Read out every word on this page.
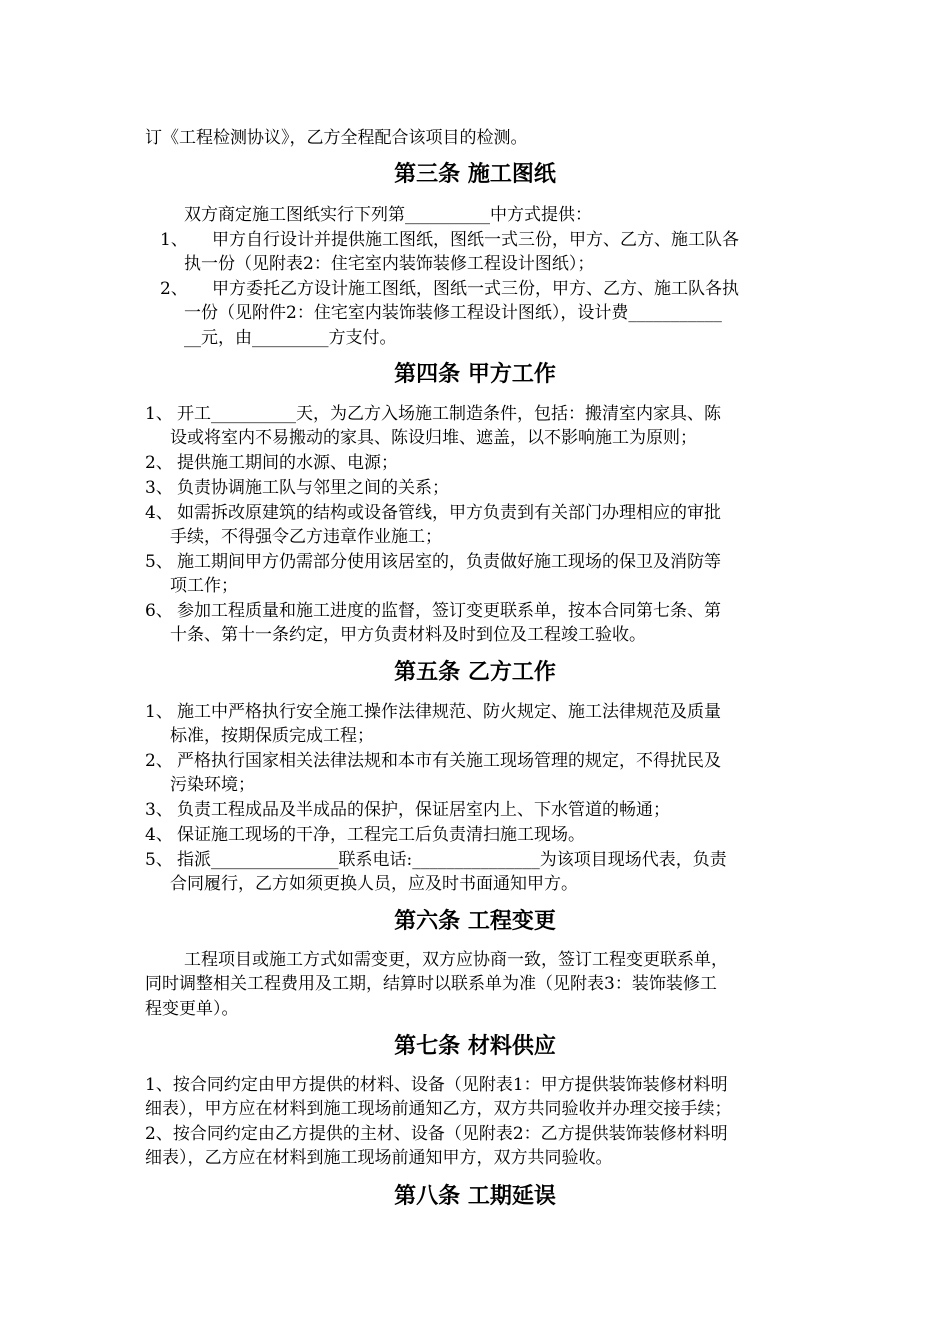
订《工程检测协议》，乙方全程配合该项目的检测。
第三条 施工图纸
双方商定施工图纸实行下列第__________中方式提供：
1、 甲方自行设计并提供施工图纸，图纸一式三份，甲方、乙方、施工队各
执一份（见附表2：住宅室内装饰装修工程设计图纸）；
2、 甲方委托乙方设计施工图纸，图纸一式三份，甲方、乙方、施工队各执
一份（见附件2：住宅室内装饰装修工程设计图纸），设计费___________
__元，由_________方支付。
第四条 甲方工作
1、 开工__________天，为乙方入场施工制造条件，包括：搬清室内家具、陈
设或将室内不易搬动的家具、陈设归堆、遮盖，以不影响施工为原则；
2、 提供施工期间的水源、电源；
3、 负责协调施工队与邻里之间的关系；
4、 如需拆改原建筑的结构或设备管线，甲方负责到有关部门办理相应的审批
手续，不得强令乙方违章作业施工；
5、 施工期间甲方仍需部分使用该居室的，负责做好施工现场的保卫及消防等
项工作；
6、 参加工程质量和施工进度的监督，签订变更联系单，按本合同第七条、第
十条、第十一条约定，甲方负责材料及时到位及工程竣工验收。
第五条 乙方工作
1、 施工中严格执行安全施工操作法律规范、防火规定、施工法律规范及质量
标准，按期保质完成工程；
2、 严格执行国家相关法律法规和本市有关施工现场管理的规定，不得扰民及
污染环境；
3、 负责工程成品及半成品的保护，保证居室内上、下水管道的畅通；
4、 保证施工现场的干净，工程完工后负责清扫施工现场。
5、 指派_______________联系电话:_______________为该项目现场代表，负责
合同履行，乙方如须更换人员，应及时书面通知甲方。
第六条 工程变更
工程项目或施工方式如需变更，双方应协商一致，签订工程变更联系单，
同时调整相关工程费用及工期，结算时以联系单为准（见附表3：装饰装修工
程变更单）。
第七条 材料供应
1、按合同约定由甲方提供的材料、设备（见附表1：甲方提供装饰装修材料明
细表），甲方应在材料到施工现场前通知乙方，双方共同验收并办理交接手续；
2、按合同约定由乙方提供的主材、设备（见附表2：乙方提供装饰装修材料明
细表），乙方应在材料到施工现场前通知甲方，双方共同验收。
第八条 工期延误
